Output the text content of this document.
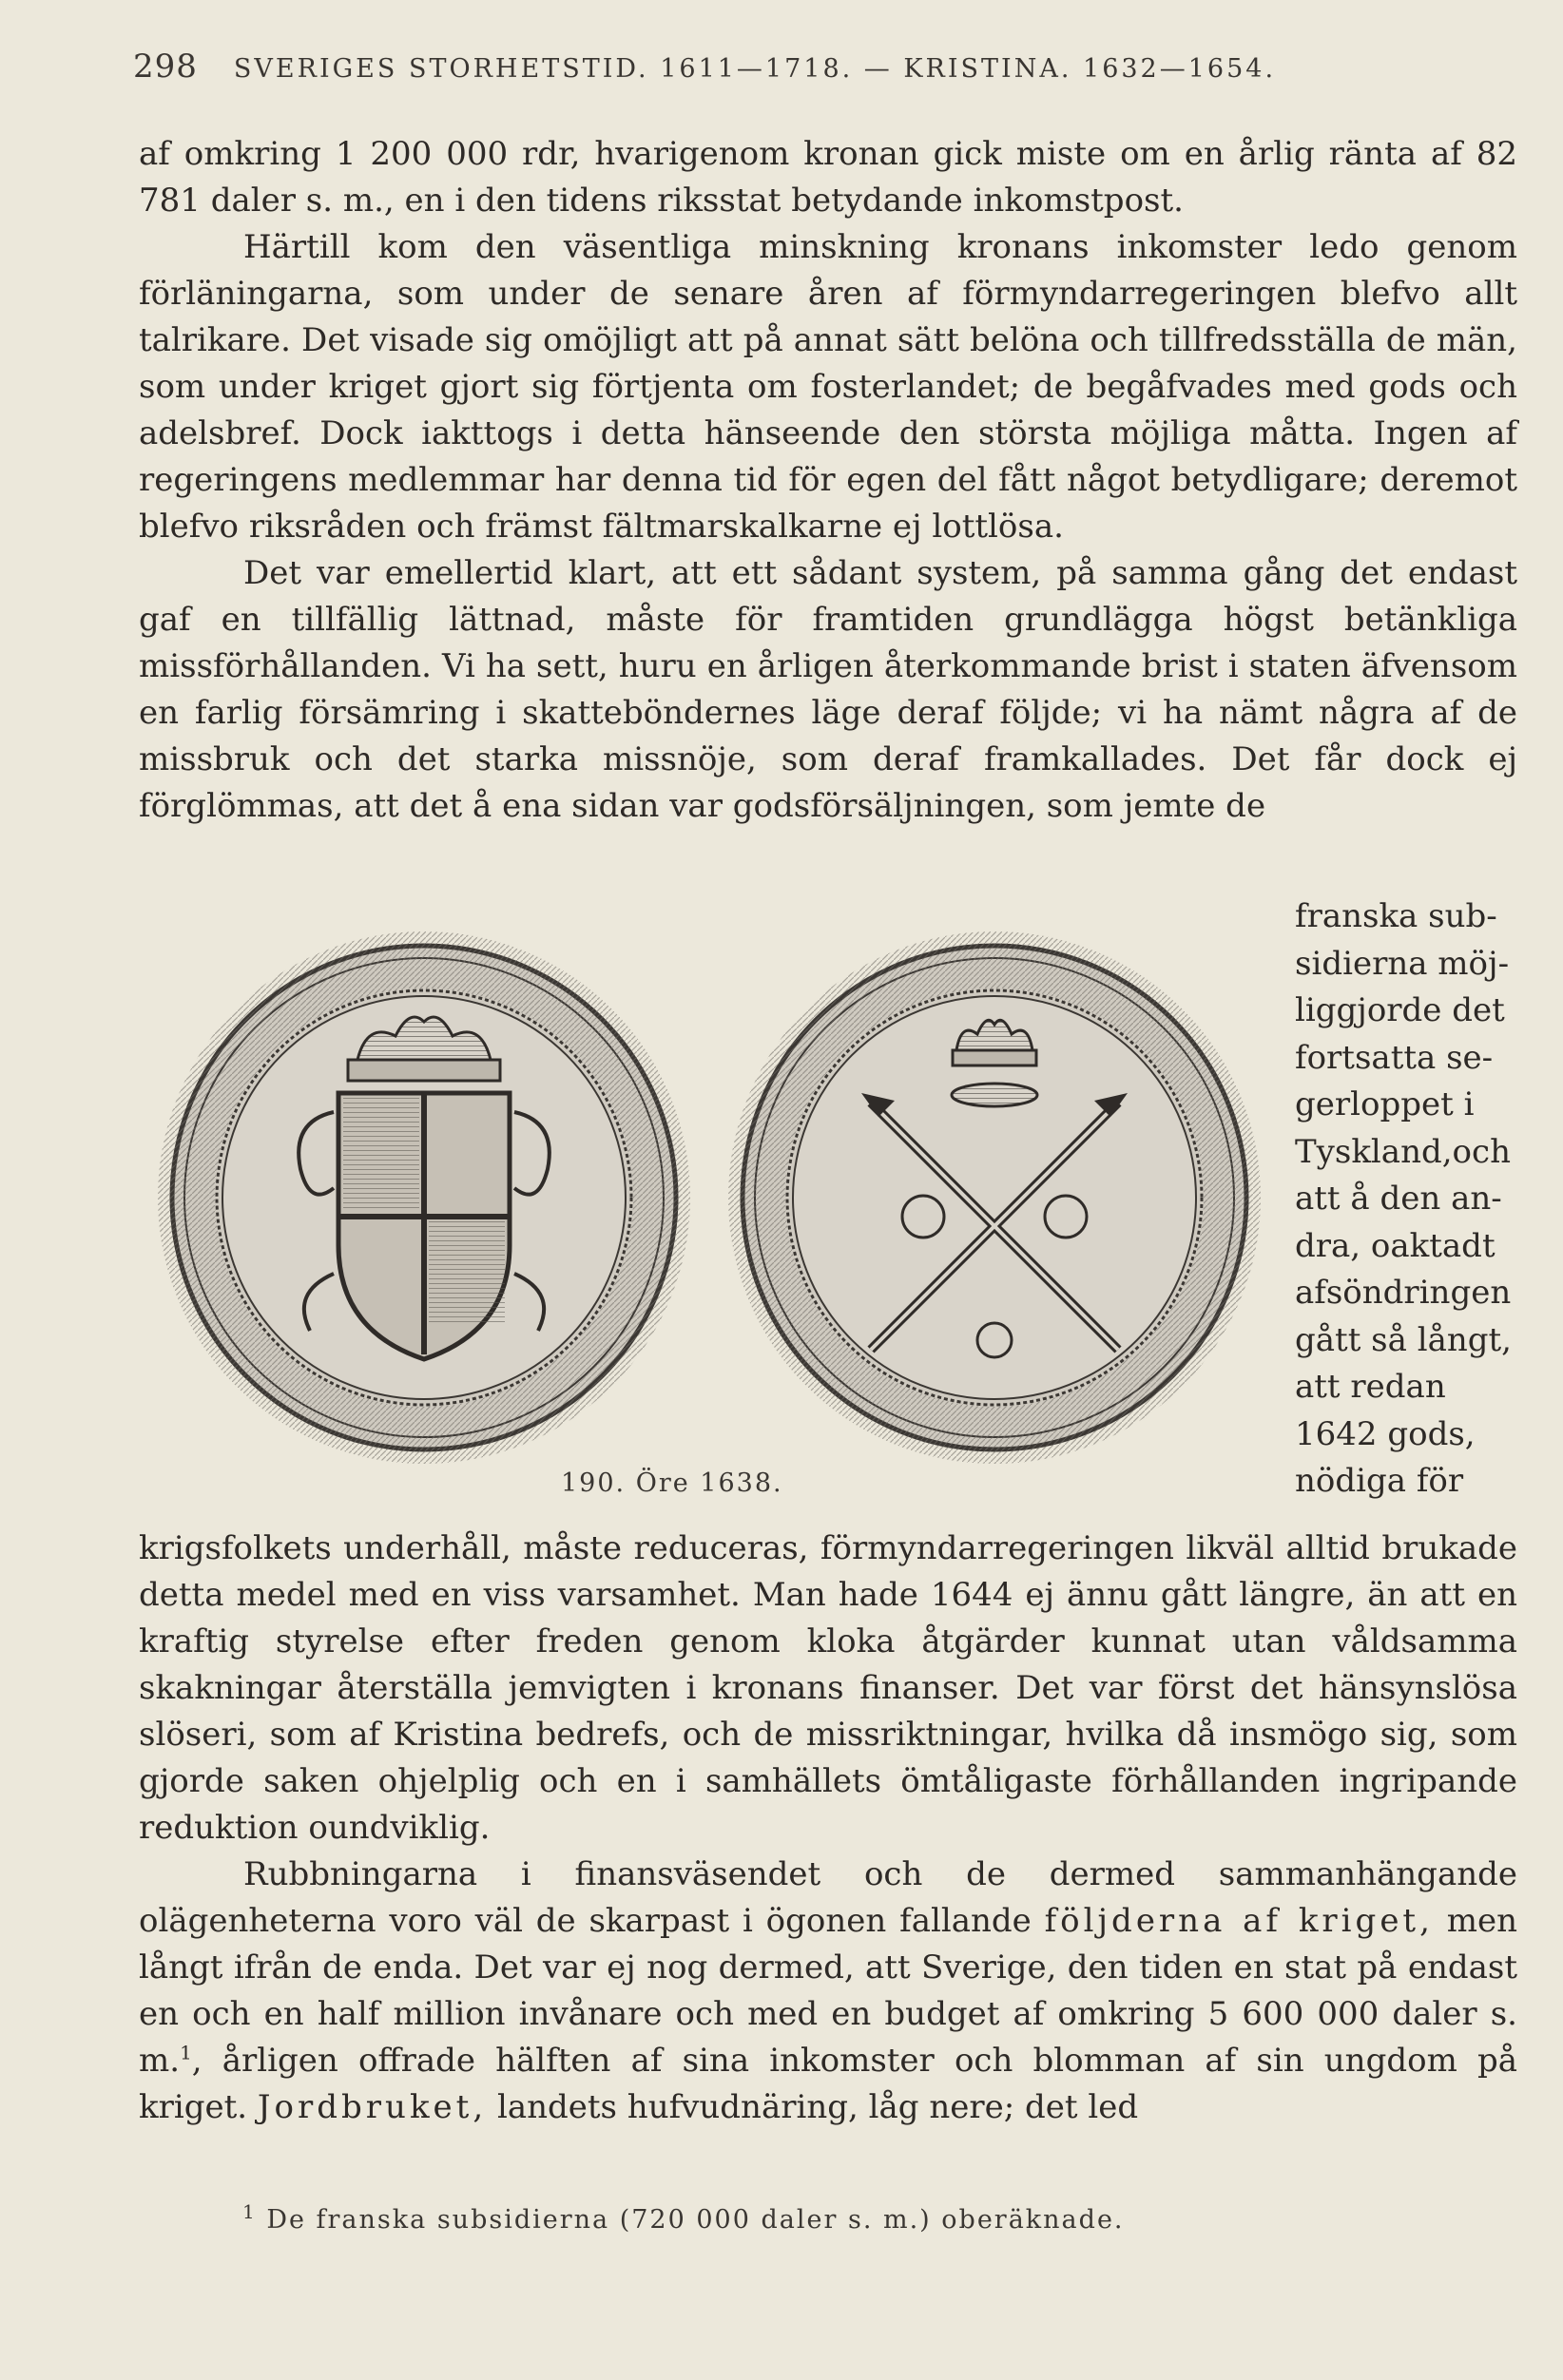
298 SVERIGES STORHETSTID. 1611—1718. — KRISTINA. 1632—1654.

af omkring 1 200 000 rdr, hvarigenom kronan gick miste om en årlig ränta af 82 781 daler s. m., en i den tidens riksstat betydande inkomstpost.

Härtill kom den väsentliga minskning kronans inkomster ledo genom förläningarna, som under de senare åren af förmyndarregeringen blefvo allt talrikare. Det visade sig omöjligt att på annat sätt belöna och tillfredsställa de män, som under kriget gjort sig förtjenta om fosterlandet; de begåfvades med gods och adelsbref. Dock iakttogs i detta hänseende den största möjliga måtta. Ingen af regeringens medlemmar har denna tid för egen del fått något betydligare; deremot blefvo riksråden och främst fältmarskalkarne ej lottlösa.

Det var emellertid klart, att ett sådant system, på samma gång det endast gaf en tillfällig lättnad, måste för framtiden grundlägga högst betänkliga missförhållanden. Vi ha sett, huru en årligen återkommande brist i staten äfvensom en farlig försämring i skatteböndernes läge deraf följde; vi ha nämt några af de missbruk och det starka missnöje, som deraf framkallades. Det får dock ej förglömmas, att det å ena sidan var godsförsäljningen, som jemte de

190. Öre 1638.
franska sub-
sidierna möj-
liggjorde det
fortsatta se-
gerloppet i
Tyskland,och
att å den an-
dra, oaktadt
afsöndringen
gått så långt,
att redan
1642 gods,
nödiga för

krigsfolkets underhåll, måste reduceras, förmyndarregeringen likväl alltid brukade detta medel med en viss varsamhet. Man hade 1644 ej ännu gått längre, än att en kraftig styrelse efter freden genom kloka åtgärder kunnat utan våldsamma skakningar återställa jemvigten i kronans finanser. Det var först det hänsynslösa slöseri, som af Kristina bedrefs, och de missriktningar, hvilka då insmögo sig, som gjorde saken ohjelplig och en i samhällets ömtåligaste förhållanden ingripande reduktion oundviklig.

Rubbningarna i finansväsendet och de dermed sammanhängande olägenheterna voro väl de skarpast i ögonen fallande följderna af kriget, men långt ifrån de enda. Det var ej nog dermed, att Sverige, den tiden en stat på endast en och en half million invånare och med en budget af omkring 5 600 000 daler s. m.$^1$, årligen offrade hälften af sina inkomster och blomman af sin ungdom på kriget. Jordbruket, landets hufvudnäring, låg nere; det led

$^1$ De franska subsidierna (720 000 daler s. m.) oberäknade.
